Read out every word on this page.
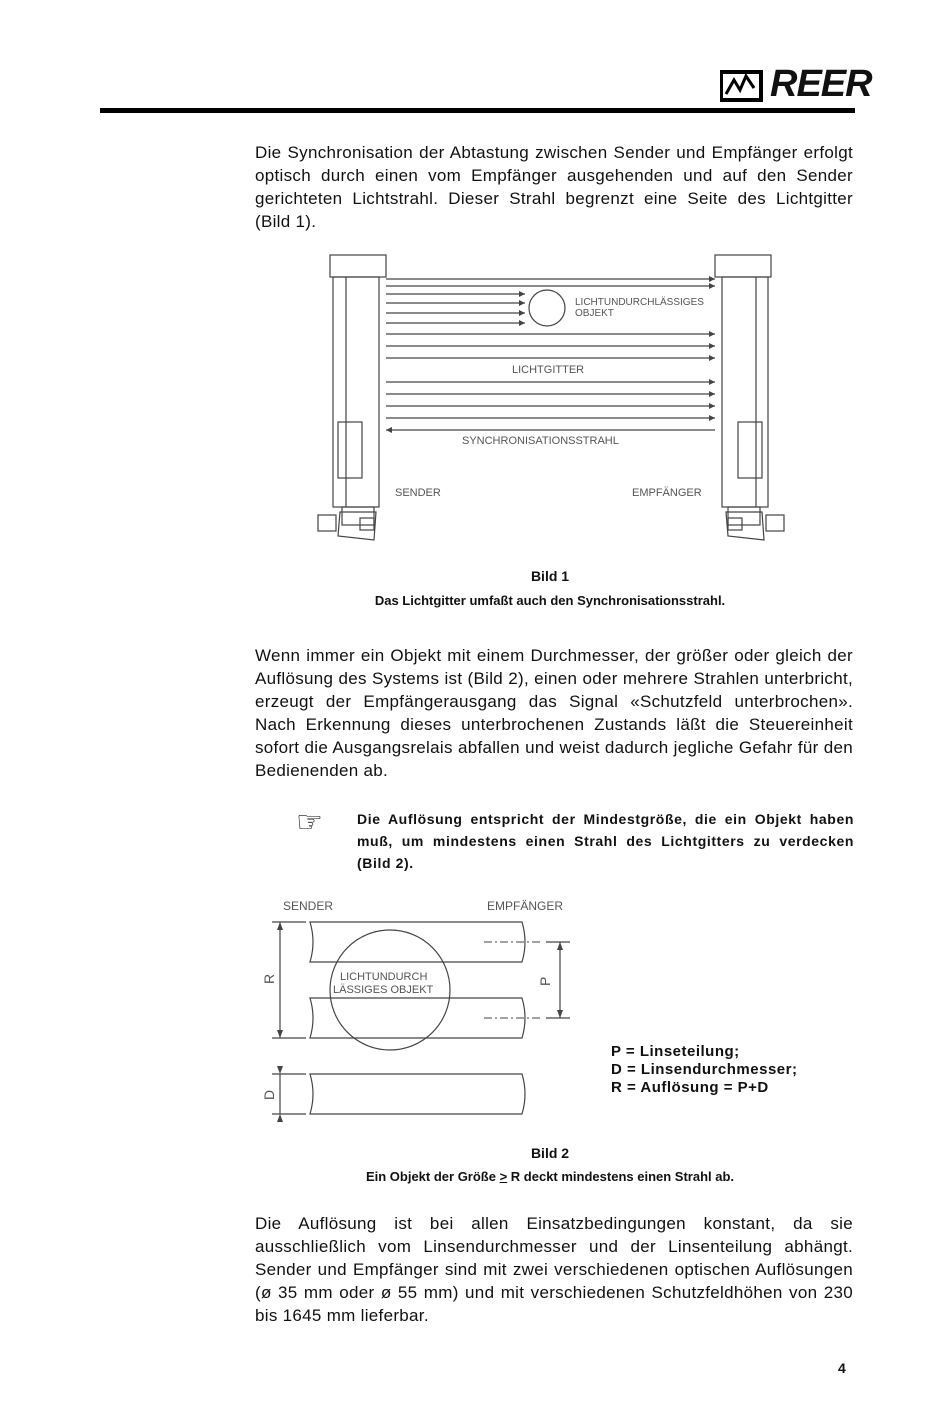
REER
Die Synchronisation der Abtastung zwischen Sender und Empfänger erfolgt optisch durch einen vom Empfänger ausgehenden und auf den Sender gerichteten Lichtstrahl. Dieser Strahl begrenzt eine Seite des Lichtgitter (Bild 1).
LICHTUNDURCHLÄSSIGES
OBJEKT
LICHTGITTER
SYNCHRONISATIONSSTRAHL
SENDER	EMPFÄNGER
Bild 1
Das Lichtgitter umfaßt auch den Synchronisationsstrahl.
Wenn immer ein Objekt mit einem Durchmesser, der größer oder gleich der Auflösung des Systems ist (Bild 2), einen oder mehrere Strahlen unterbricht, erzeugt der Empfängerausgang das Signal «Schutzfeld unterbrochen». Nach Erkennung dieses unterbrochenen Zustands läßt die Steuereinheit sofort die Ausgangsrelais abfallen und weist dadurch jegliche Gefahr für den Bedienenden ab.
☞ Die Auflösung entspricht der Mindestgröße, die ein Objekt haben muß, um mindestens einen Strahl des Lichtgitters zu verdecken (Bild 2).
SENDER	EMPFÄNGER
LICHTUNDURCH
LÄSSIGES OBJEKT
R
D
P
P = Linseteilung;
D = Linsendurchmesser;
R = Auflösung = P+D
Bild 2
Ein Objekt der Größe > R deckt mindestens einen Strahl ab.
Die Auflösung ist bei allen Einsatzbedingungen konstant, da sie ausschließlich vom Linsendurchmesser und der Linsenteilung abhängt. Sender und Empfänger sind mit zwei verschiedenen optischen Auflösungen (ø 35 mm oder ø 55 mm) und mit verschiedenen Schutzfeldhöhen von 230 bis 1645 mm lieferbar.
4
